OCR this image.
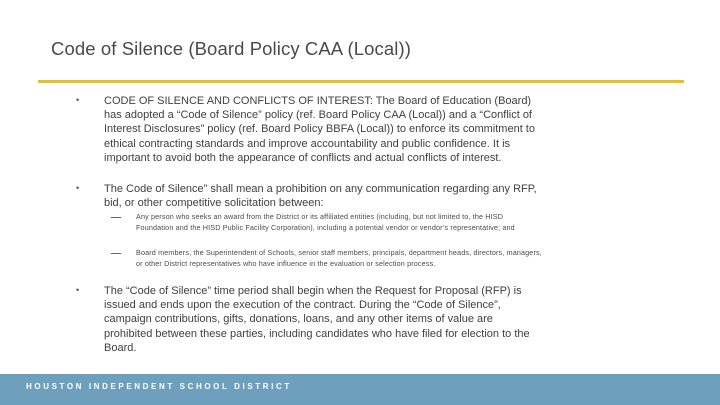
Code of Silence (Board Policy CAA (Local))
• CODE OF SILENCE AND CONFLICTS OF INTEREST: The Board of Education (Board) has adopted a “Code of Silence” policy (ref. Board Policy CAA (Local)) and a “Conflict of Interest Disclosures” policy (ref. Board Policy BBFA (Local)) to enforce its commitment to ethical contracting standards and improve accountability and public confidence. It is important to avoid both the appearance of conflicts and actual conflicts of interest.
• The Code of Silence” shall mean a prohibition on any communication regarding any RFP, bid, or other competitive solicitation between:
Any person who seeks an award from the District or its affiliated entities (including, but not limited to, the HISD Foundation and the HISD Public Facility Corporation), including a potential vendor or vendor’s representative; and
Board members, the Superintendent of Schools, senior staff members, principals, department heads, directors, managers, or other District representatives who have influence in the evaluation or selection process.
• The “Code of Silence” time period shall begin when the Request for Proposal (RFP) is issued and ends upon the execution of the contract. During the “Code of Silence”, campaign contributions, gifts, donations, loans, and any other items of value are prohibited between these parties, including candidates who have filed for election to the Board.
HOUSTON INDEPENDENT SCHOOL DISTRICT
